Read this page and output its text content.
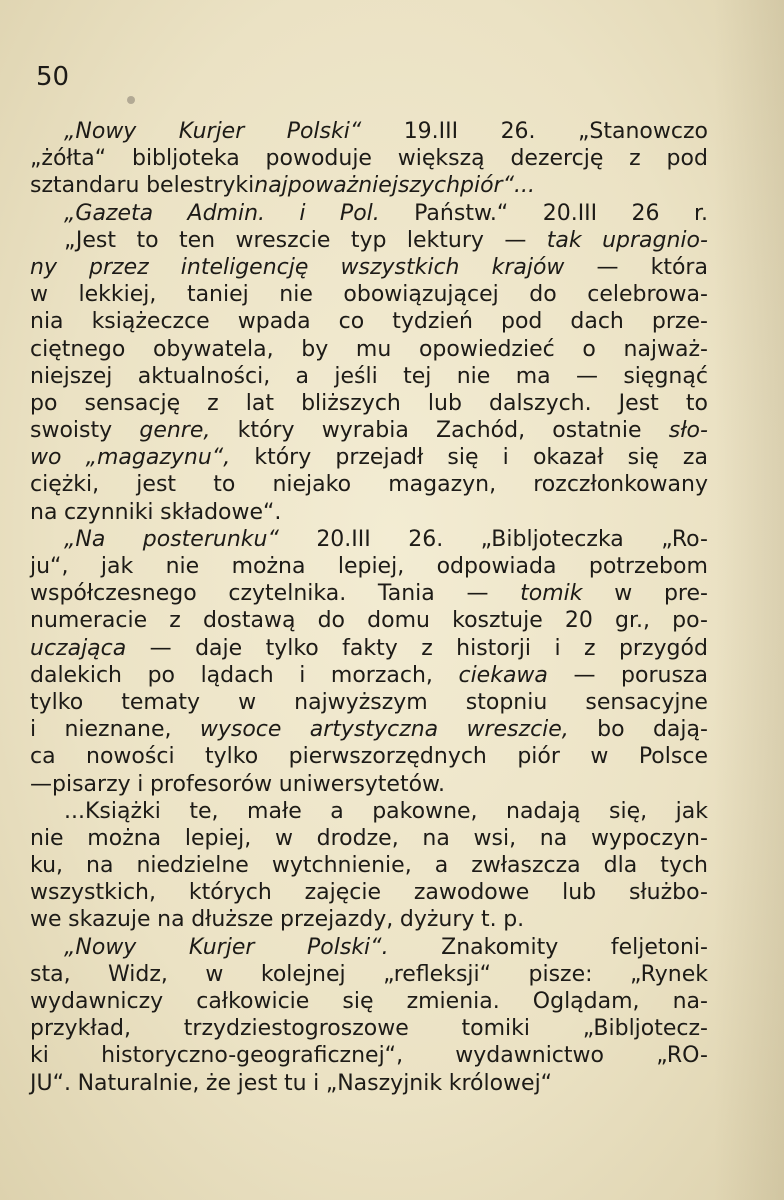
50
„Nowy Kurjer Polski“ 19.III 26. „Stanowczo
„żółta“ bibljoteka powoduje większą dezercję z pod
sztandaru belestryki najpoważniejszych piór“...
„Gazeta Admin. i Pol. Państw.“ 20.III 26 r.
„Jest to ten wreszcie typ lektury — tak upragnio-
ny przez inteligencję wszystkich krajów — która
w lekkiej, taniej nie obowiązującej do celebrowa-
nia książeczce wpada co tydzień pod dach prze-
ciętnego obywatela, by mu opowiedzieć o najważ-
niejszej aktualności, a jeśli tej nie ma — sięgnąć
po sensację z lat bliższych lub dalszych. Jest to
swoisty genre, który wyrabia Zachód, ostatnie sło-
wo „magazynu“, który przejadł się i okazał się za
ciężki, jest to niejako magazyn, rozczłonkowany
na czynniki składowe“.
„Na posterunku“ 20.III 26. „Bibljoteczka „Ro-
ju“, jak nie można lepiej, odpowiada potrzebom
współczesnego czytelnika. Tania — tomik w pre-
numeracie z dostawą do domu kosztuje 20 gr., po-
uczająca — daje tylko fakty z historji i z przygód
dalekich po lądach i morzach, ciekawa — porusza
tylko tematy w najwyższym stopniu sensacyjne
i nieznane, wysoce artystyczna wreszcie, bo dają-
ca nowości tylko pierwszorzędnych piór w Polsce
—pisarzy i profesorów uniwersytetów.
...Książki te, małe a pakowne, nadają się, jak
nie można lepiej, w drodze, na wsi, na wypoczyn-
ku, na niedzielne wytchnienie, a zwłaszcza dla tych
wszystkich, których zajęcie zawodowe lub służbo-
we skazuje na dłuższe przejazdy, dyżury t. p.
„Nowy Kurjer Polski“. Znakomity feljetoni-
sta, Widz, w kolejnej „refleksji“ pisze: „Rynek
wydawniczy całkowicie się zmienia. Oglądam, na-
przykład, trzydziestogroszowe tomiki „Bibljotecz-
ki historyczno-geograficznej“, wydawnictwo „RO-
JU“. Naturalnie, że jest tu i „Naszyjnik królowej“
